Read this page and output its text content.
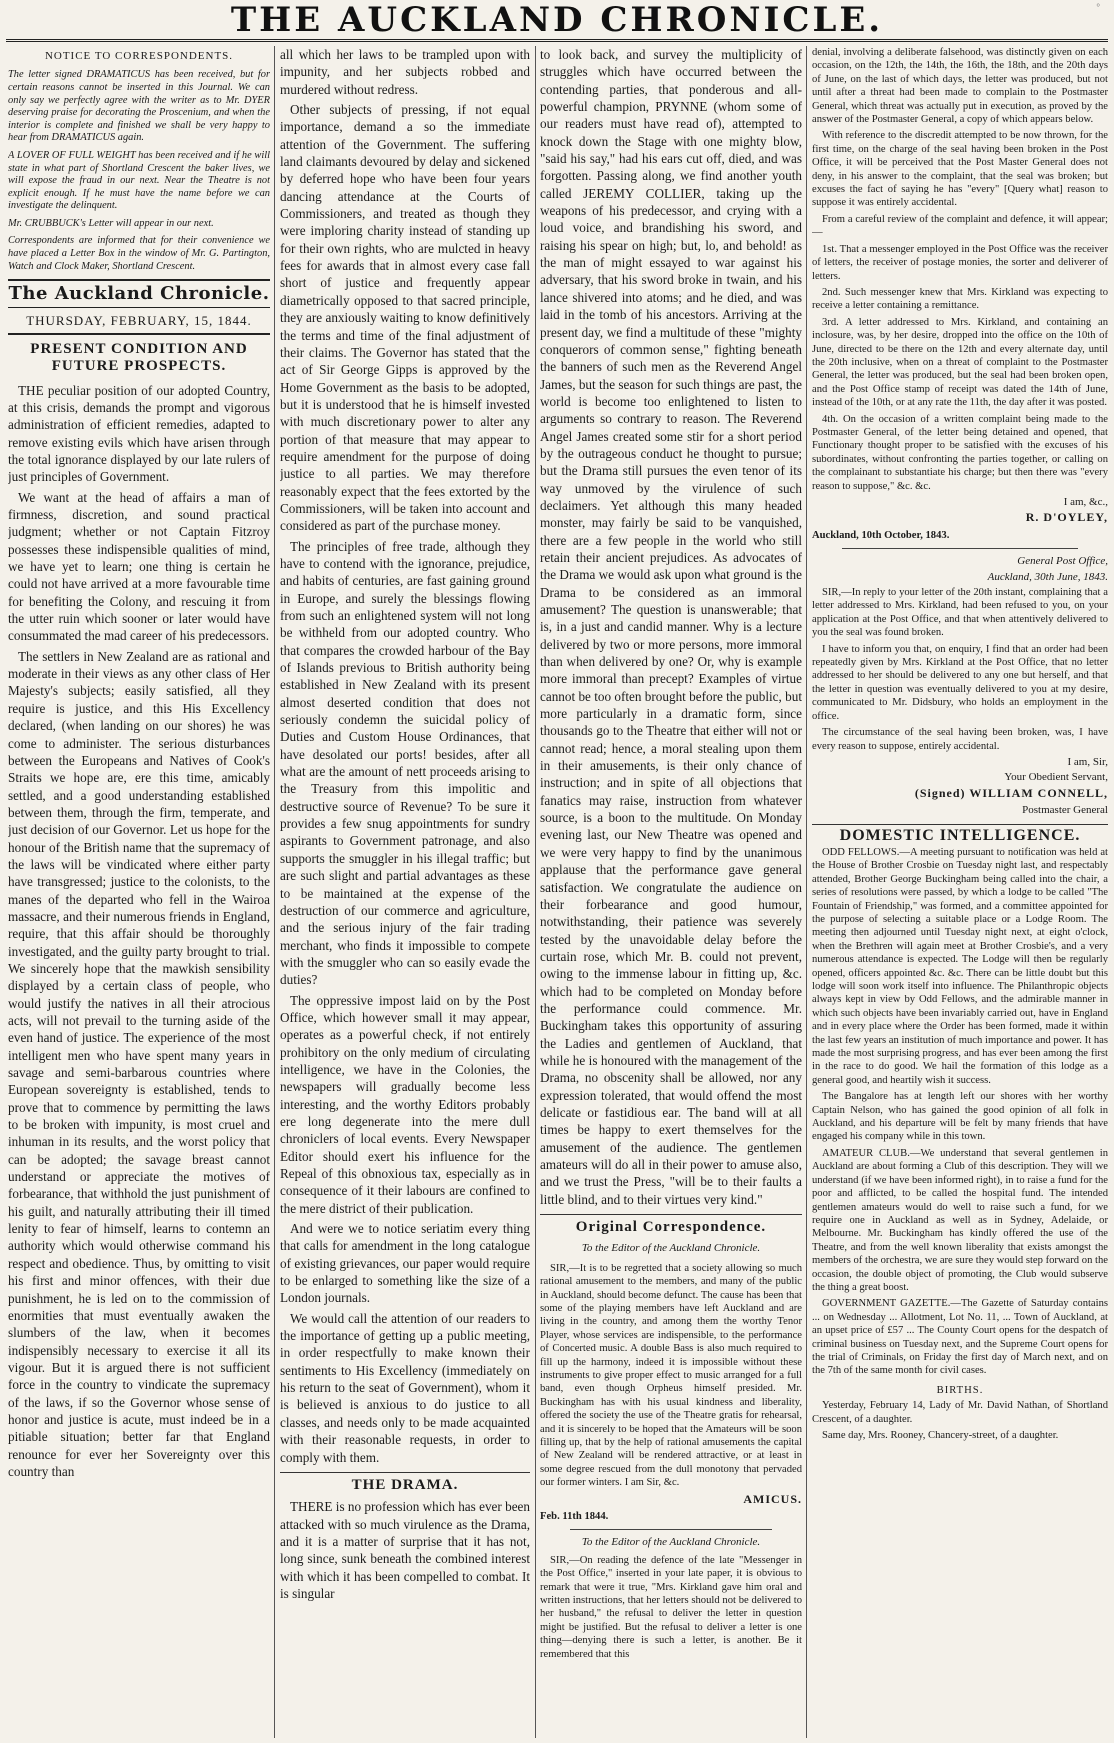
THE AUCKLAND CHRONICLE.	°
NOTICE TO CORRESPONDENTS.

The letter signed DRAMATICUS has been received, but for certain reasons cannot be inserted in this Journal. We can only say we perfectly agree with the writer as to Mr. DYER deserving praise for decorating the Proscenium, and when the interior is complete and finished we shall be very happy to hear from DRAMATICUS again.

A LOVER OF FULL WEIGHT has been received and if he will state in what part of Shortland Crescent the baker lives, we will expose the fraud in our next. Near the Theatre is not explicit enough. If he must have the name before we can investigate the delinquent.

Mr. CRUBBUCK's Letter will appear in our next.

Correspondents are informed that for their convenience we have placed a Letter Box in the window of Mr. G. Partington, Watch and Clock Maker, Shortland Crescent.

The Auckland Chronicle.
THURSDAY, FEBRUARY, 15, 1844.
PRESENT CONDITION AND FUTURE PROSPECTS.

THE peculiar position of our adopted Country, at this crisis, demands the prompt and vigorous administration of efficient remedies, adapted to remove existing evils which have arisen through the total ignorance displayed by our late rulers of just principles of Government.

We want at the head of affairs a man of firmness, discretion, and sound practical judgment; whether or not Captain Fitzroy possesses these indispensible qualities of mind, we have yet to learn; one thing is certain he could not have arrived at a more favourable time for benefiting the Colony, and rescuing it from the utter ruin which sooner or later would have consummated the mad career of his predecessors.

The settlers in New Zealand are as rational and moderate in their views as any other class of Her Majesty's subjects; easily satisfied, all they require is justice, and this His Excellency declared, (when landing on our shores) he was come to administer. The serious disturbances between the Europeans and Natives of Cook's Straits we hope are, ere this time, amicably settled, and a good understanding established between them, through the firm, temperate, and just decision of our Governor. Let us hope for the honour of the British name that the supremacy of the laws will be vindicated where either party have transgressed; justice to the colonists, to the manes of the departed who fell in the Wairoa massacre, and their numerous friends in England, require, that this affair should be thoroughly investigated, and the guilty party brought to trial. We sincerely hope that the mawkish sensibility displayed by a certain class of people, who would justify the natives in all their atrocious acts, will not prevail to the turning aside of the even hand of justice. The experience of the most intelligent men who have spent many years in savage and semi-barbarous countries where European sovereignty is established, tends to prove that to commence by permitting the laws to be broken with impunity, is most cruel and inhuman in its results, and the worst policy that can be adopted; the savage breast cannot understand or appreciate the motives of forbearance, that withhold the just punishment of his guilt, and naturally attributing their ill timed lenity to fear of himself, learns to contemn an authority which would otherwise command his respect and obedience. Thus, by omitting to visit his first and minor offences, with their due punishment, he is led on to the commission of enormities that must eventually awaken the slumbers of the law, when it becomes indispensibly necessary to exercise it all its vigour. But it is argued there is not sufficient force in the country to vindicate the supremacy of the laws, if so the Governor whose sense of honor and justice is acute, must indeed be in a pitiable situation; better far that England renounce for ever her Sovereignty over this country than

all which her laws to be trampled upon with impunity, and her subjects robbed and murdered without redress.

Other subjects of pressing, if not equal importance, demand a so the immediate attention of the Government. The suffering land claimants devoured by delay and sickened by deferred hope who have been four years dancing attendance at the Courts of Commissioners, and treated as though they were imploring charity instead of standing up for their own rights, who are mulcted in heavy fees for awards that in almost every case fall short of justice and frequently appear diametrically opposed to that sacred principle, they are anxiously waiting to know definitively the terms and time of the final adjustment of their claims. The Governor has stated that the act of Sir George Gipps is approved by the Home Government as the basis to be adopted, but it is understood that he is himself invested with much discretionary power to alter any portion of that measure that may appear to require amendment for the purpose of doing justice to all parties. We may therefore reasonably expect that the fees extorted by the Commissioners, will be taken into account and considered as part of the purchase money.

The principles of free trade, although they have to contend with the ignorance, prejudice, and habits of centuries, are fast gaining ground in Europe, and surely the blessings flowing from such an enlightened system will not long be withheld from our adopted country. Who that compares the crowded harbour of the Bay of Islands previous to British authority being established in New Zealand with its present almost deserted condition that does not seriously condemn the suicidal policy of Duties and Custom House Ordinances, that have desolated our ports! besides, after all what are the amount of nett proceeds arising to the Treasury from this impolitic and destructive source of Revenue? To be sure it provides a few snug appointments for sundry aspirants to Government patronage, and also supports the smuggler in his illegal traffic; but are such slight and partial advantages as these to be maintained at the expense of the destruction of our commerce and agriculture, and the serious injury of the fair trading merchant, who finds it impossible to compete with the smuggler who can so easily evade the duties?

The oppressive impost laid on by the Post Office, which however small it may appear, operates as a powerful check, if not entirely prohibitory on the only medium of circulating intelligence, we have in the Colonies, the newspapers will gradually become less interesting, and the worthy Editors probably ere long degenerate into the mere dull chroniclers of local events. Every Newspaper Editor should exert his influence for the Repeal of this obnoxious tax, especially as in consequence of it their labours are confined to the mere district of their publication.

And were we to notice seriatim every thing that calls for amendment in the long catalogue of existing grievances, our paper would require to be enlarged to something like the size of a London journals.

We would call the attention of our readers to the importance of getting up a public meeting, in order respectfully to make known their sentiments to His Excellency (immediately on his return to the seat of Government), whom it is believed is anxious to do justice to all classes, and needs only to be made acquainted with their reasonable requests, in order to comply with them.

THE DRAMA.

THERE is no profession which has ever been attacked with so much virulence as the Drama, and it is a matter of surprise that it has not, long since, sunk beneath the combined interest with which it has been compelled to combat. It is singular

to look back, and survey the multiplicity of struggles which have occurred between the contending parties, that ponderous and all-powerful champion, PRYNNE (whom some of our readers must have read of), attempted to knock down the Stage with one mighty blow, "said his say," had his ears cut off, died, and was forgotten. Passing along, we find another youth called JEREMY COLLIER, taking up the weapons of his predecessor, and crying with a loud voice, and brandishing his sword, and raising his spear on high; but, lo, and behold! as the man of might essayed to war against his adversary, that his sword broke in twain, and his lance shivered into atoms; and he died, and was laid in the tomb of his ancestors. Arriving at the present day, we find a multitude of these "mighty conquerors of common sense," fighting beneath the banners of such men as the Reverend Angel James, but the season for such things are past, the world is become too enlightened to listen to arguments so contrary to reason. The Reverend Angel James created some stir for a short period by the outrageous conduct he thought to pursue; but the Drama still pursues the even tenor of its way unmoved by the virulence of such declaimers. Yet although this many headed monster, may fairly be said to be vanquished, there are a few people in the world who still retain their ancient prejudices. As advocates of the Drama we would ask upon what ground is the Drama to be considered as an immoral amusement? The question is unanswerable; that is, in a just and candid manner. Why is a lecture delivered by two or more persons, more immoral than when delivered by one? Or, why is example more immoral than precept? Examples of virtue cannot be too often brought before the public, but more particularly in a dramatic form, since thousands go to the Theatre that either will not or cannot read; hence, a moral stealing upon them in their amusements, is their only chance of instruction; and in spite of all objections that fanatics may raise, instruction from whatever source, is a boon to the multitude. On Monday evening last, our New Theatre was opened and we were very happy to find by the unanimous applause that the performance gave general satisfaction. We congratulate the audience on their forbearance and good humour, notwithstanding, their patience was severely tested by the unavoidable delay before the curtain rose, which Mr. B. could not prevent, owing to the immense labour in fitting up, &c. which had to be completed on Monday before the performance could commence. Mr. Buckingham takes this opportunity of assuring the Ladies and gentlemen of Auckland, that while he is honoured with the management of the Drama, no obscenity shall be allowed, nor any expression tolerated, that would offend the most delicate or fastidious ear. The band will at all times be happy to exert themselves for the amusement of the audience. The gentlemen amateurs will do all in their power to amuse also, and we trust the Press, "will be to their faults a little blind, and to their virtues very kind."

Original Correspondence.
To the Editor of the Auckland Chronicle.

SIR,—It is to be regretted that a society allowing so much rational amusement to the members, and many of the public in Auckland, should become defunct. The cause has been that some of the playing members have left Auckland and are living in the country, and among them the worthy Tenor Player, whose services are indispensible, to the performance of Concerted music. A double Bass is also much required to fill up the harmony, indeed it is impossible without these instruments to give proper effect to music arranged for a full band, even though Orpheus himself presided. Mr. Buckingham has with his usual kindness and liberality, offered the society the use of the Theatre gratis for rehearsal, and it is sincerely to be hoped that the Amateurs will be soon filling up, that by the help of rational amusements the capital of New Zealand will be rendered attractive, or at least in some degree rescued from the dull monotony that pervaded our former winters. I am Sir, &c.

AMICUS.

Feb. 11th 1844.

To the Editor of the Auckland Chronicle.

SIR,—On reading the defence of the late "Messenger in the Post Office," inserted in your late paper, it is obvious to remark that were it true, "Mrs. Kirkland gave him oral and written instructions, that her letters should not be delivered to her husband," the refusal to deliver the letter in question might be justified. But the refusal to deliver a letter is one thing—denying there is such a letter, is another. Be it remembered that this

denial, involving a deliberate falsehood, was distinctly given on each occasion, on the 12th, the 14th, the 16th, the 18th, and the 20th days of June, on the last of which days, the letter was produced, but not until after a threat had been made to complain to the Postmaster General, which threat was actually put in execution, as proved by the answer of the Postmaster General, a copy of which appears below.

With reference to the discredit attempted to be now thrown, for the first time, on the charge of the seal having been broken in the Post Office, it will be perceived that the Post Master General does not deny, in his answer to the complaint, that the seal was broken; but excuses the fact of saying he has "every" [Query what] reason to suppose it was entirely accidental.

From a careful review of the complaint and defence, it will appear;—

1st. That a messenger employed in the Post Office was the receiver of letters, the receiver of postage monies, the sorter and deliverer of letters.

2nd. Such messenger knew that Mrs. Kirkland was expecting to receive a letter containing a remittance.

3rd. A letter addressed to Mrs. Kirkland, and containing an inclosure, was, by her desire, dropped into the office on the 10th of June, directed to be there on the 12th and every alternate day, until the 20th inclusive, when on a threat of complaint to the Postmaster General, the letter was produced, but the seal had been broken open, and the Post Office stamp of receipt was dated the 14th of June, instead of the 10th, or at any rate the 11th, the day after it was posted.

4th. On the occasion of a written complaint being made to the Postmaster General, of the letter being detained and opened, that Functionary thought proper to be satisfied with the excuses of his subordinates, without confronting the parties together, or calling on the complainant to substantiate his charge; but then there was "every reason to suppose," &c. &c.

I am, &c.,
R. D'OYLEY,

Auckland, 10th October, 1843.

General Post Office,
Auckland, 30th June, 1843.

SIR,—In reply to your letter of the 20th instant, complaining that a letter addressed to Mrs. Kirkland, had been refused to you, on your application at the Post Office, and that when attentively delivered to you the seal was found broken.

I have to inform you that, on enquiry, I find that an order had been repeatedly given by Mrs. Kirkland at the Post Office, that no letter addressed to her should be delivered to any one but herself, and that the letter in question was eventually delivered to you at my desire, communicated to Mr. Didsbury, who holds an employment in the office.

The circumstance of the seal having been broken, was, I have every reason to suppose, entirely accidental.

I am, Sir,
Your Obedient Servant,
(Signed) WILLIAM CONNELL,
Postmaster General
DOMESTIC INTELLIGENCE.

ODD FELLOWS.—A meeting pursuant to notification was held at the House of Brother Crosbie on Tuesday night last, and respectably attended, Brother George Buckingham being called into the chair, a series of resolutions were passed, by which a lodge to be called "The Fountain of Friendship," was formed, and a committee appointed for the purpose of selecting a suitable place or a Lodge Room. The meeting then adjourned until Tuesday night next, at eight o'clock, when the Brethren will again meet at Brother Crosbie's, and a very numerous attendance is expected. The Lodge will then be regularly opened, officers appointed &c. &c. There can be little doubt but this lodge will soon work itself into influence. The Philanthropic objects always kept in view by Odd Fellows, and the admirable manner in which such objects have been invariably carried out, have in England and in every place where the Order has been formed, made it within the last few years an institution of much importance and power. It has made the most surprising progress, and has ever been among the first in the race to do good. We hail the formation of this lodge as a general good, and heartily wish it success.

The Bangalore has at length left our shores with her worthy Captain Nelson, who has gained the good opinion of all folk in Auckland, and his departure will be felt by many friends that have engaged his company while in this town.

AMATEUR CLUB.—We understand that several gentlemen in Auckland are about forming a Club of this description. They will we understand (if we have been informed right), in to raise a fund for the poor and afflicted, to be called the hospital fund. The intended gentlemen amateurs would do well to raise such a fund, for we require one in Auckland as well as in Sydney, Adelaide, or Melbourne. Mr. Buckingham has kindly offered the use of the Theatre, and from the well known liberality that exists amongst the members of the orchestra, we are sure they would step forward on the occasion, the double object of promoting, the Club would subserve the thing a great boost.

GOVERNMENT GAZETTE.—The Gazette of Saturday contains ... on Wednesday ... Allotment, Lot No. 11, ... Town of Auckland, at an upset price of £57 ... The County Court opens for the despatch of criminal business on Tuesday next, and the Supreme Court opens for the trial of Criminals, on Friday the first day of March next, and on the 7th of the same month for civil cases.

BIRTHS.

Yesterday, February 14, Lady of Mr. David Nathan, of Shortland Crescent, of a daughter.

Same day, Mrs. Rooney, Chancery-street, of a daughter.
